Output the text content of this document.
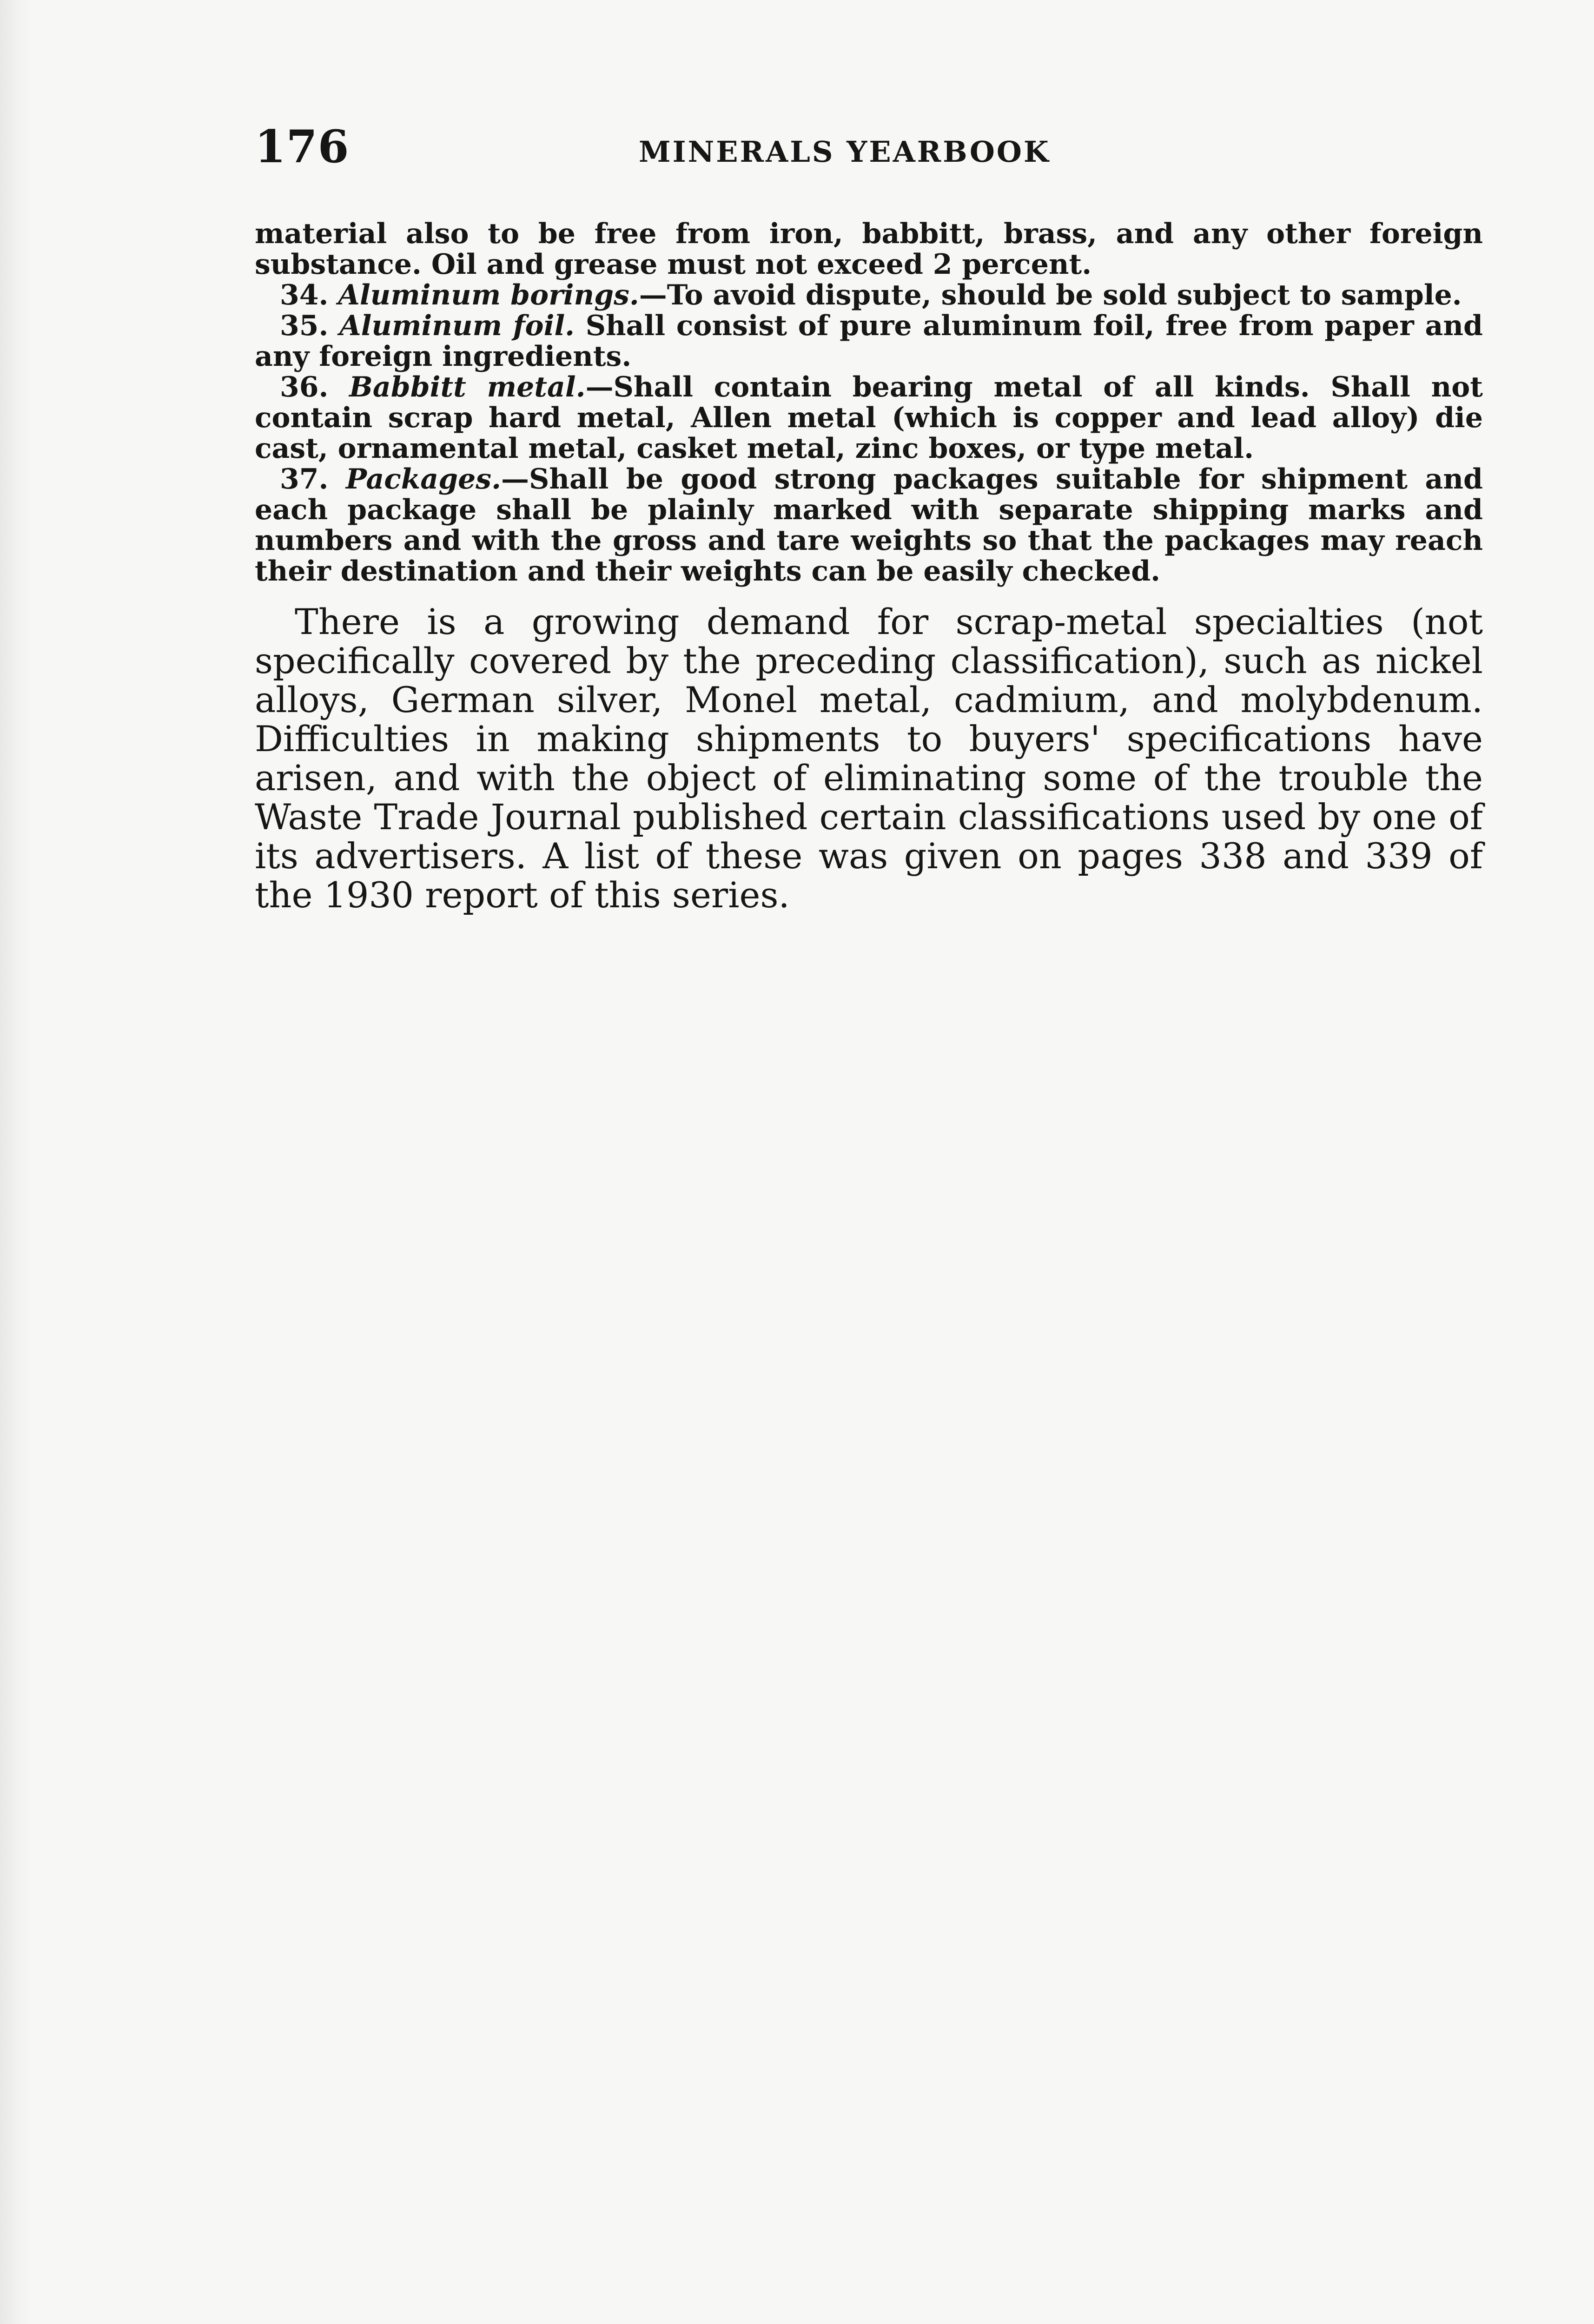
176	MINERALS YEARBOOK

material also to be free from iron, babbitt, brass, and any other foreign substance. Oil and grease must not exceed 2 percent.

34. Aluminum borings.—To avoid dispute, should be sold subject to sample.

35. Aluminum foil. Shall consist of pure aluminum foil, free from paper and any foreign ingredients.

36. Babbitt metal.—Shall contain bearing metal of all kinds. Shall not contain scrap hard metal, Allen metal (which is copper and lead alloy) die cast, ornamental metal, casket metal, zinc boxes, or type metal.

37. Packages.—Shall be good strong packages suitable for shipment and each package shall be plainly marked with separate shipping marks and numbers and with the gross and tare weights so that the packages may reach their destination and their weights can be easily checked.

There is a growing demand for scrap-metal specialties (not specifically covered by the preceding classification), such as nickel alloys, German silver, Monel metal, cadmium, and molybdenum. Difficulties in making shipments to buyers' specifications have arisen, and with the object of eliminating some of the trouble the Waste Trade Journal published certain classifications used by one of its advertisers. A list of these was given on pages 338 and 339 of the 1930 report of this series.
